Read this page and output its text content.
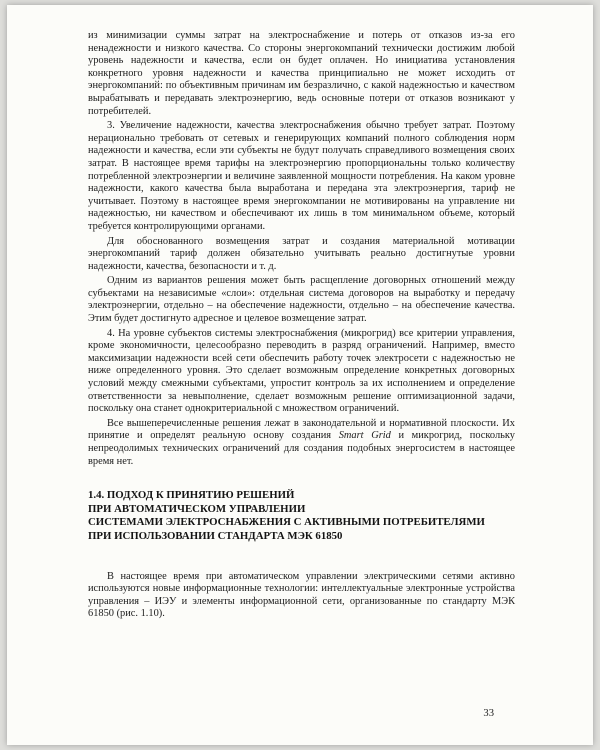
из минимизации суммы затрат на электроснабжение и потерь от отказов из-за его ненадежности и низкого качества. Со стороны энергокомпаний технически достижим любой уровень надежности и качества, если он будет оплачен. Но инициатива установления конкретного уровня надежности и качества принципиально не может исходить от энергокомпаний: по объективным причинам им безразлично, с какой надежностью и качеством вырабатывать и передавать электроэнергию, ведь основные потери от отказов возникают у потребителей.

3. Увеличение надежности, качества электроснабжения обычно требует затрат. Поэтому нерационально требовать от сетевых и генерирующих компаний полного соблюдения норм надежности и качества, если эти субъекты не будут получать справедливого возмещения своих затрат. В настоящее время тарифы на электроэнергию пропорциональны только количеству потребленной электроэнергии и величине заявленной мощности потребления. На каком уровне надежности, какого качества была выработана и передана эта электроэнергия, тариф не учитывает. Поэтому в настоящее время энергокомпании не мотивированы на управление ни надежностью, ни качеством и обеспечивают их лишь в том минимальном объеме, который требуется контролирующими органами.

Для обоснованного возмещения затрат и создания материальной мотивации энергокомпаний тариф должен обязательно учитывать реально достигнутые уровни надежности, качества, безопасности и т. д.

Одним из вариантов решения может быть расщепление договорных отношений между субъектами на независимые «слои»: отдельная система договоров на выработку и передачу электроэнергии, отдельно – на обеспечение надежности, отдельно – на обеспечение качества. Этим будет достигнуто адресное и целевое возмещение затрат.

4. На уровне субъектов системы электроснабжения (микрогрид) все критерии управления, кроме экономичности, целесообразно переводить в разряд ограничений. Например, вместо максимизации надежности всей сети обеспечить работу точек электросети с надежностью не ниже определенного уровня. Это сделает возможным определение конкретных договорных условий между смежными субъектами, упростит контроль за их исполнением и определение ответственности за невыполнение, сделает возможным решение оптимизационной задачи, поскольку она станет однокритериальной с множеством ограничений.

Все вышеперечисленные решения лежат в законодательной и нормативной плоскости. Их принятие и определят реальную основу создания Smart Grid и микрогрид, поскольку непреодолимых технических ограничений для создания подобных энергосистем в настоящее время нет.

1.4. ПОДХОД К ПРИНЯТИЮ РЕШЕНИЙ
ПРИ АВТОМАТИЧЕСКОМ УПРАВЛЕНИИ
СИСТЕМАМИ ЭЛЕКТРОСНАБЖЕНИЯ С АКТИВНЫМИ ПОТРЕБИТЕЛЯМИ
ПРИ ИСПОЛЬЗОВАНИИ СТАНДАРТА МЭК 61850

В настоящее время при автоматическом управлении электрическими сетями активно используются новые информационные технологии: интеллектуальные электронные устройства управления – ИЭУ и элементы информационной сети, организованные по стандарту МЭК 61850 (рис. 1.10).

33
